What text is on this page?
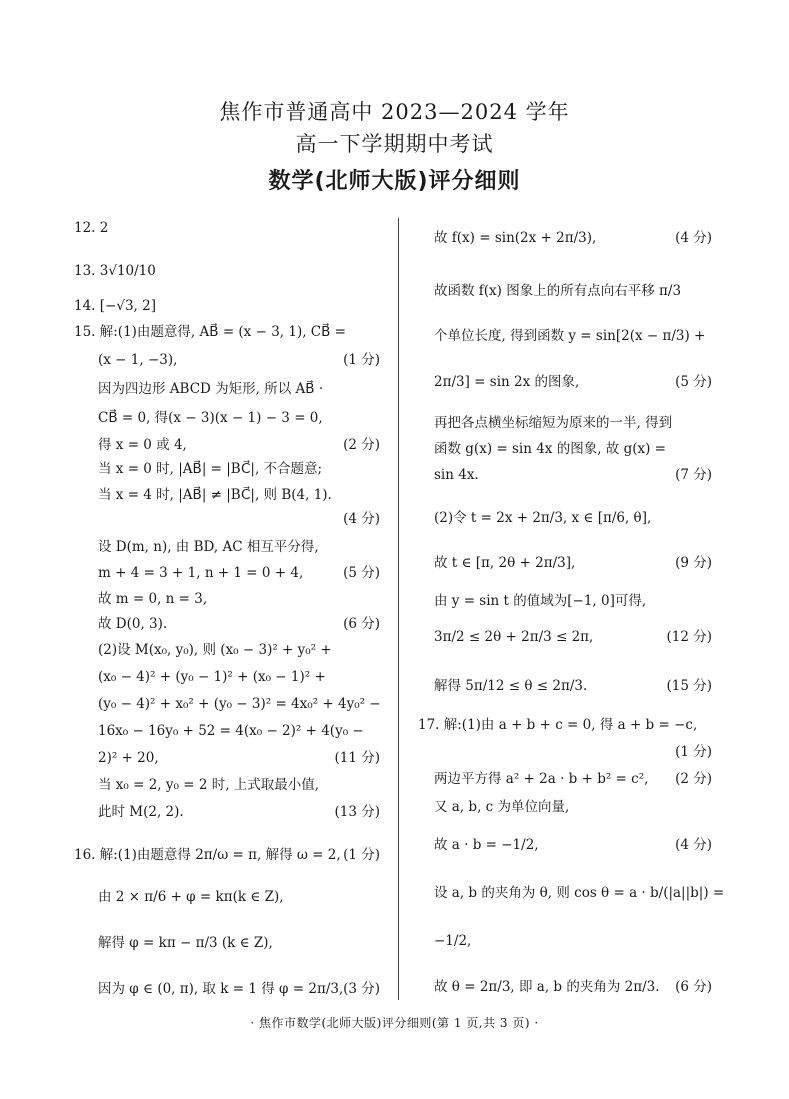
焦作市普通高中 2023—2024 学年
高一下学期期中考试
数学(北师大版)评分细则
12. 2
13. 3√10/10
14. [−√3, 2]
15. 解:(1)由题意得, AB⃗ = (x − 3, 1), CB⃗ =
(x − 1, −3),	(1 分)
因为四边形 ABCD 为矩形, 所以 AB⃗ ·
CB⃗ = 0, 得(x − 3)(x − 1) − 3 = 0,
得 x = 0 或 4,	(2 分)
当 x = 0 时, |AB⃗| = |BC⃗|, 不合题意;
当 x = 4 时, |AB⃗| ≠ |BC⃗|, 则 B(4, 1).
(4 分)
设 D(m, n), 由 BD, AC 相互平分得,
m + 4 = 3 + 1, n + 1 = 0 + 4,	(5 分)
故 m = 0, n = 3,
故 D(0, 3).	(6 分)
(2)设 M(x₀, y₀), 则 (x₀ − 3)² + y₀² +
(x₀ − 4)² + (y₀ − 1)² + (x₀ − 1)² +
(y₀ − 4)² + x₀² + (y₀ − 3)² = 4x₀² + 4y₀² −
16x₀ − 16y₀ + 52 = 4(x₀ − 2)² + 4(y₀ −
2)² + 20,	(11 分)
当 x₀ = 2, y₀ = 2 时, 上式取最小值,
此时 M(2, 2).	(13 分)
16. 解:(1)由题意得 2π/ω = π, 解得 ω = 2, (1 分)
由 2 × π/6 + φ = kπ(k ∈ Z),
解得 φ = kπ − π/3 (k ∈ Z),
因为 φ ∈ (0, π), 取 k = 1 得 φ = 2π/3, (3 分)
故 f(x) = sin(2x + 2π/3),	(4 分)
故函数 f(x) 图象上的所有点向右平移 π/3
个单位长度, 得到函数 y = sin[2(x − π/3) +
2π/3] = sin 2x 的图象,	(5 分)
再把各点横坐标缩短为原来的一半, 得到
函数 g(x) = sin 4x 的图象, 故 g(x) =
sin 4x.	(7 分)
(2)令 t = 2x + 2π/3, x ∈ [π/6, θ],
故 t ∈ [π, 2θ + 2π/3],	(9 分)
由 y = sin t 的值域为[−1, 0]可得,
3π/2 ≤ 2θ + 2π/3 ≤ 2π,	(12 分)
解得 5π/12 ≤ θ ≤ 2π/3.	(15 分)
17. 解:(1)由 a + b + c = 0, 得 a + b = −c,
(1 分)
两边平方得 a² + 2a · b + b² = c², (2 分)
又 a, b, c 为单位向量,
故 a · b = −1/2,	(4 分)
设 a, b 的夹角为 θ, 则 cos θ = a · b/(|a||b|) =
−1/2,
故 θ = 2π/3, 即 a, b 的夹角为 2π/3. (6 分)
· 焦作市数学(北师大版)评分细则(第 1 页,共 3 页) ·
